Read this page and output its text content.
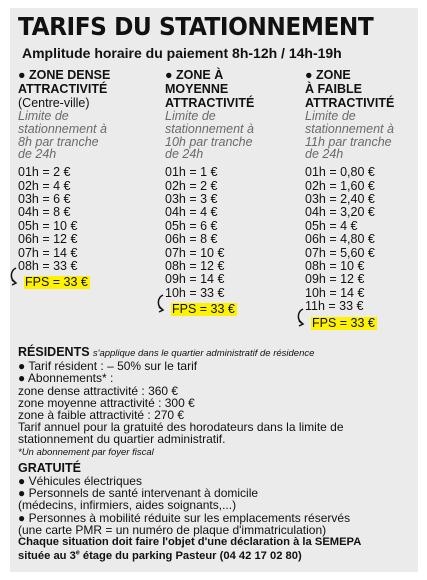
TARIFS DU STATIONNEMENT
Amplitude horaire du paiement 8h-12h / 14h-19h
● ZONE DENSE
ATTRACTIVITÉ
(Centre-ville)
Limite de
stationnement à
8h par tranche
de 24h
01h = 2 €
02h = 4 €
03h = 6 €
04h = 8 €
05h = 10 €
06h = 12 €
07h = 14 €
08h = 33 €
FPS = 33 €
● ZONE À
MOYENNE
ATTRACTIVITÉ
Limite de
stationnement à
10h par tranche
de 24h
01h = 1 €
02h = 2 €
03h = 3 €
04h = 4 €
05h = 6 €
06h = 8 €
07h = 10 €
08h = 12 €
09h = 14 €
10h = 33 €
FPS = 33 €
● ZONE
À FAIBLE
ATTRACTIVITÉ
Limite de
stationnement à
11h par tranche
de 24h
01h = 0,80 €
02h = 1,60 €
03h = 2,40 €
04h = 3,20 €
05h = 4 €
06h = 4,80 €
07h = 5,60 €
08h = 10 €
09h = 12 €
10h = 14 €
11h = 33 €
FPS = 33 €
RÉSIDENTS s'applique dans le quartier administratif de résidence
● Tarif résident : – 50% sur le tarif
● Abonnements* :
zone dense attractivité : 360 €
zone moyenne attractivité : 300 €
zone à faible attractivité : 270 €
Tarif annuel pour la gratuité des horodateurs dans la limite de stationnement du quartier administratif.
*Un abonnement par foyer fiscal
GRATUITÉ
● Véhicules électriques
● Personnels de santé intervenant à domicile
(médecins, infirmiers, aides soignants,...)
● Personnes à mobilité réduite sur les emplacements réservés
(une carte PMR = un numéro de plaque d'immatriculation)
Chaque situation doit faire l'objet d'une déclaration à la SEMEPA
située au 3e étage du parking Pasteur (04 42 17 02 80)
